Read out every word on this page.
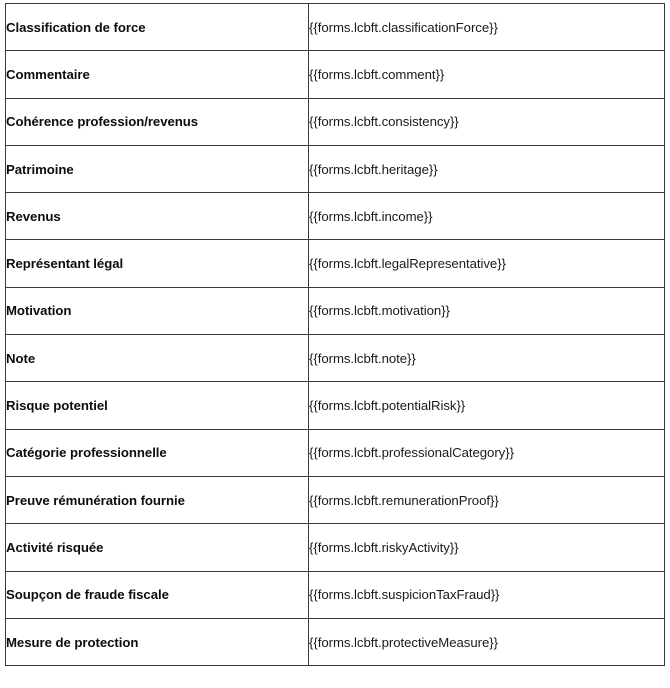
Classification de force	{{forms.lcbft.classificationForce}}

Commentaire	{{forms.lcbft.comment}}

Cohérence profession/revenus	{{forms.lcbft.consistency}}

Patrimoine	{{forms.lcbft.heritage}}

Revenus	{{forms.lcbft.income}}

Représentant légal	{{forms.lcbft.legalRepresentative}}

Motivation	{{forms.lcbft.motivation}}

Note	{{forms.lcbft.note}}

Risque potentiel	{{forms.lcbft.potentialRisk}}

Catégorie professionnelle	{{forms.lcbft.professionalCategory}}

Preuve rémunération fournie	{{forms.lcbft.remunerationProof}}

Activité risquée	{{forms.lcbft.riskyActivity}}

Soupçon de fraude fiscale	{{forms.lcbft.suspicionTaxFraud}}

Mesure de protection	{{forms.lcbft.protectiveMeasure}}
